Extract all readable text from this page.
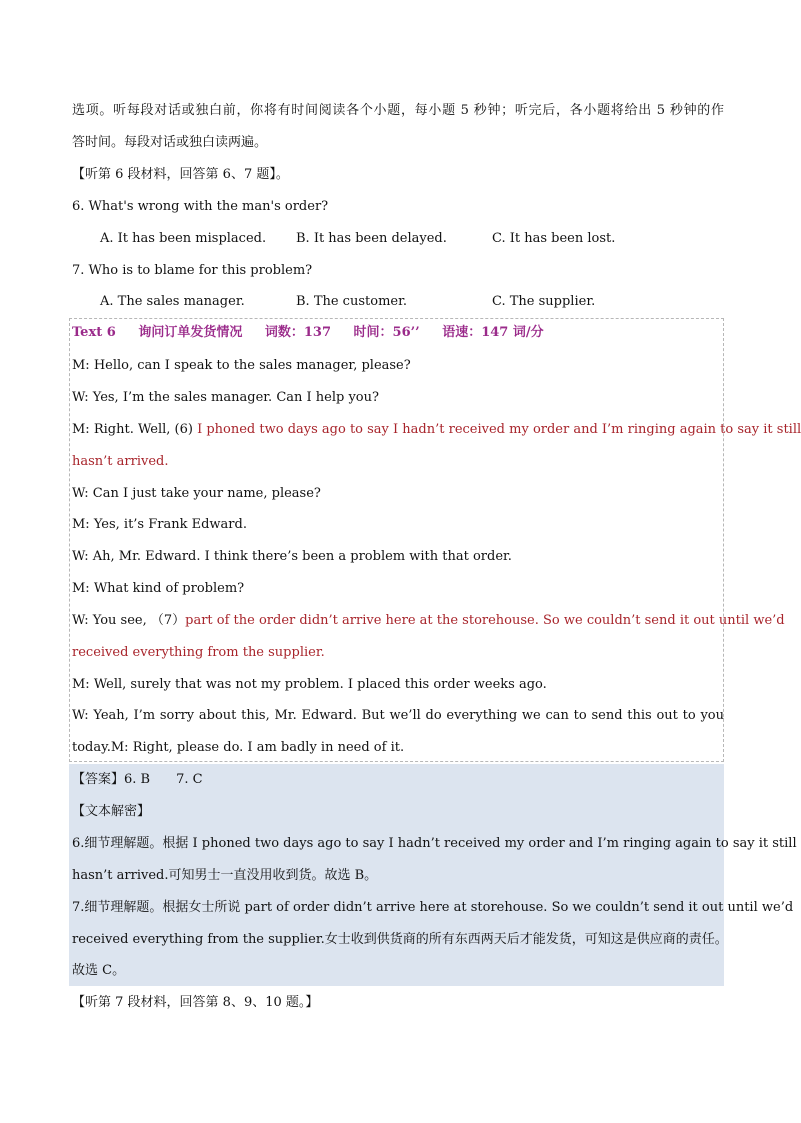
选项。听每段对话或独白前，你将有时间阅读各个小题，每小题 5 秒钟；听完后，各小题将给出 5 秒钟的作
答时间。每段对话或独白读两遍。
【听第 6 段材料，回答第 6、7 题】。
6. What's wrong with the man's order?
A. It has been misplaced. B. It has been delayed.	C. It has been lost.
7. Who is to blame for this problem?
A. The sales manager.	B. The customer.	C. The supplier.
Text 6 询问订单发货情况 词数：137 时间：56’’ 语速：147 词/分
M: Hello, can I speak to the sales manager, please?
W: Yes, I’m the sales manager. Can I help you?
M: Right. Well, (6) I phoned two days ago to say I hadn’t received my order and I’m ringing again to say it still
hasn’t arrived.
W: Can I just take your name, please?
M: Yes, it’s Frank Edward.
W: Ah, Mr. Edward. I think there’s been a problem with that order.
M: What kind of problem?
W: You see, （7）part of the order didn’t arrive here at the storehouse. So we couldn’t send it out until we’d
received everything from the supplier.
M: Well, surely that was not my problem. I placed this order weeks ago.
W: Yeah, I’m sorry about this, Mr. Edward. But we’ll do everything we can to send this out to you
today.M: Right, please do. I am badly in need of it.
【答案】6. B　　7. C
【文本解密】
6.细节理解题。根据 I phoned two days ago to say I hadn’t received my order and I’m ringing again to say it still
hasn’t arrived.可知男士一直没用收到货。故选 B。
7.细节理解题。根据女士所说 part of order didn’t arrive here at storehouse. So we couldn’t send it out until we’d
received everything from the supplier.女士收到供货商的所有东西两天后才能发货，可知这是供应商的责任。
故选 C。
【听第 7 段材料，回答第 8、9、10 题。】
